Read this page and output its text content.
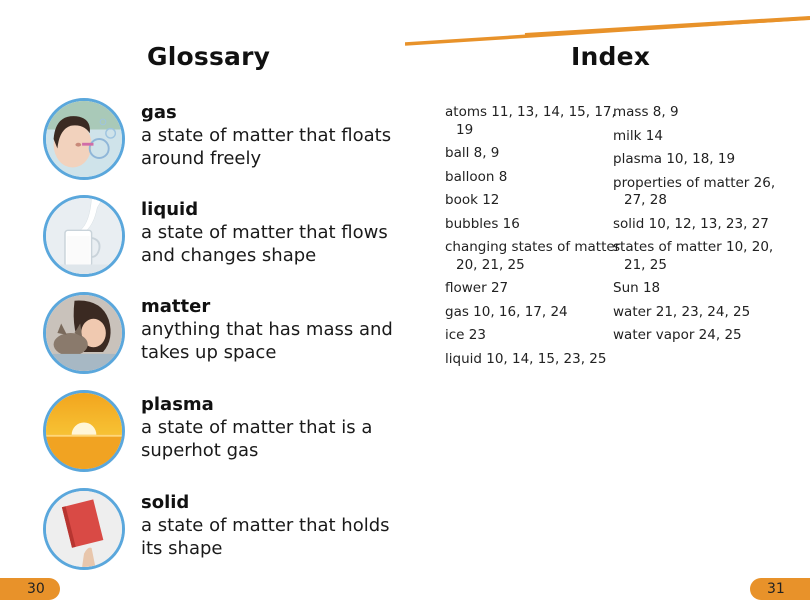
Glossary
gas
a state of matter that floats around freely
liquid
a state of matter that flows and changes shape
matter
anything that has mass and takes up space
plasma
a state of matter that is a superhot gas
solid
a state of matter that holds its shape
30
Index
atoms 11, 13, 14, 15, 17, 19
ball 8, 9
balloon 8
book 12
bubbles 16
changing states of matter 20, 21, 25
flower 27
gas 10, 16, 17, 24
ice 23
liquid 10, 14, 15, 23, 25
mass 8, 9
milk 14
plasma 10, 18, 19
properties of matter 26, 27, 28
solid 10, 12, 13, 23, 27
states of matter 10, 20, 21, 25
Sun 18
water 21, 23, 24, 25
water vapor 24, 25
31
